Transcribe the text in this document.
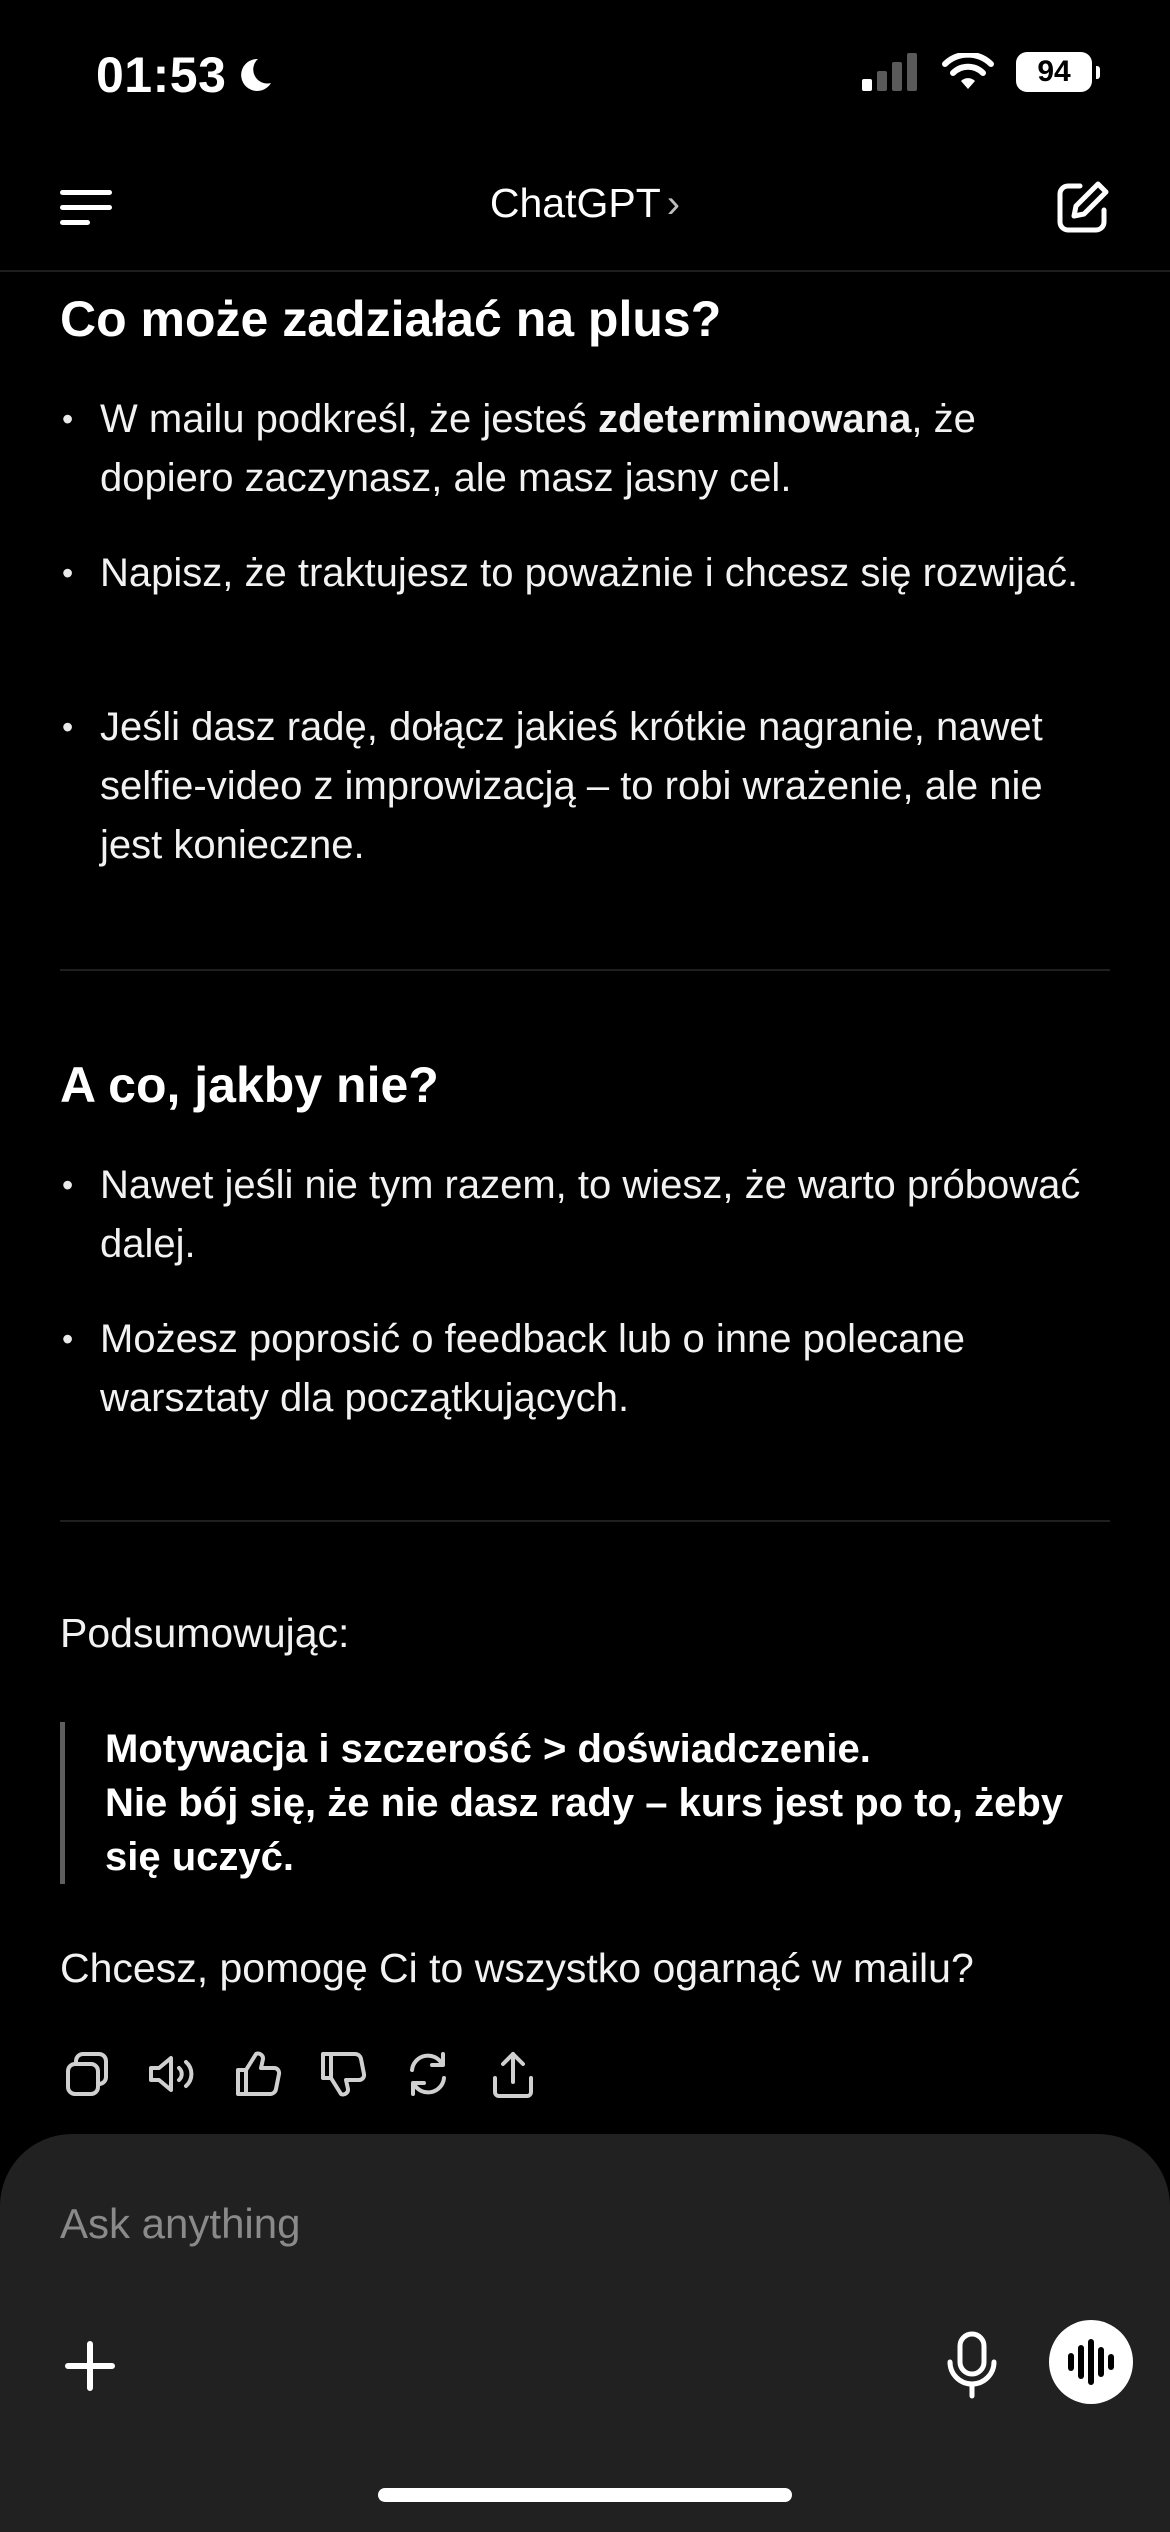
01:53	94
ChatGPT ›
Co może zadziałać na plus?
• W mailu podkreśl, że jesteś zdeterminowana, że dopiero zaczynasz, ale masz jasny cel.
• Napisz, że traktujesz to poważnie i chcesz się rozwijać.
• Jeśli dasz radę, dołącz jakieś krótkie nagranie, nawet selfie-video z improwizacją – to robi wrażenie, ale nie jest konieczne.
A co, jakby nie?
• Nawet jeśli nie tym razem, to wiesz, że warto próbować dalej.
• Możesz poprosić o feedback lub o inne polecane warsztaty dla początkujących.
Podsumowując:
Motywacja i szczerość > doświadczenie.
Nie bój się, że nie dasz rady – kurs jest po to, żeby się uczyć.
Chcesz, pomogę Ci to wszystko ogarnąć w mailu?
Ask anything
